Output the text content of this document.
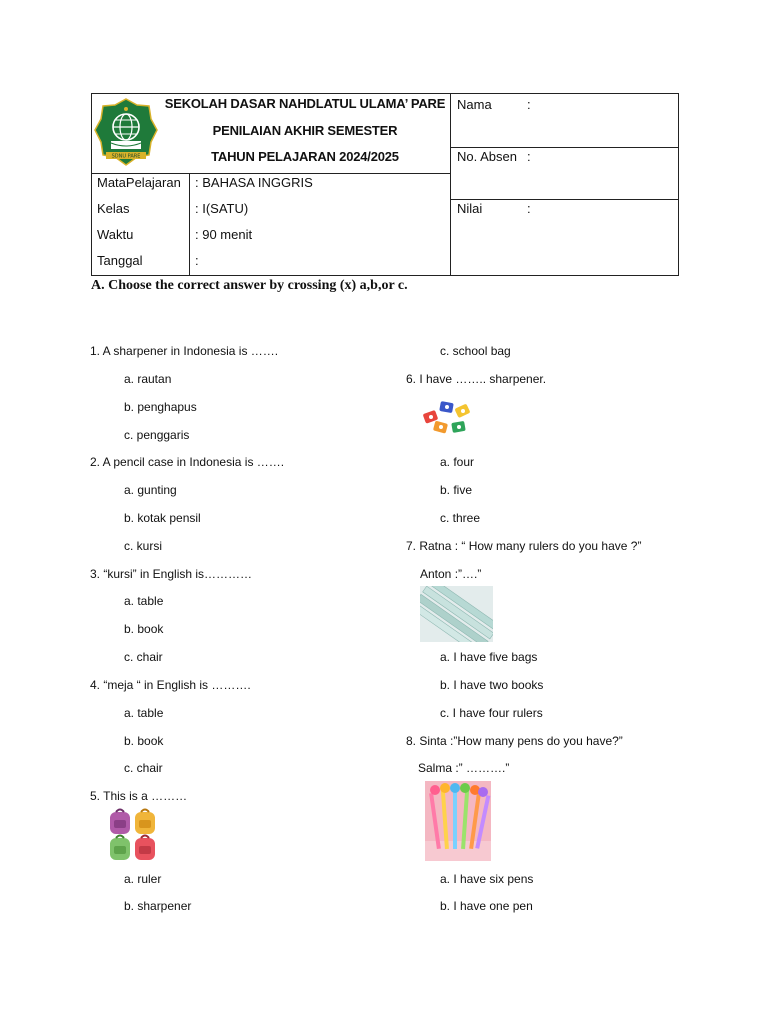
SDNU PARE
SEKOLAH DASAR NAHDLATUL ULAMA’ PARE
PENILAIAN AKHIR SEMESTER
TAHUN PELAJARAN 2024/2025
MataPelajaran : BAHASA INGGRIS
Kelas	: I(SATU)
Waktu	: 90 menit
Tanggal	:
Nama	:
No. Absen :
Nilai	:
A. Choose the correct answer by crossing (x) a,b,or c.
1. A sharpener in Indonesia is …….
a. rautan
b. penghapus
c. penggaris
2. A pencil case in Indonesia is …….
a. gunting
b. kotak pensil
c. kursi
3. “kursi” in English is…………
a. table
b. book
c. chair
4. “meja “ in English is ……….
a. table
b. book
c. chair
5. This is a ………
a. ruler
b. sharpener
c. school bag
6. I have …….. sharpener.
a. four
b. five
c. three
7. Ratna : “ How many rulers do you have ?”
Anton :”….”
a. I have five bags
b. I have two books
c. I have four rulers
8. Sinta :”How many pens do you have?”
Salma :” ……….”
a. I have six pens
b. I have one pen
